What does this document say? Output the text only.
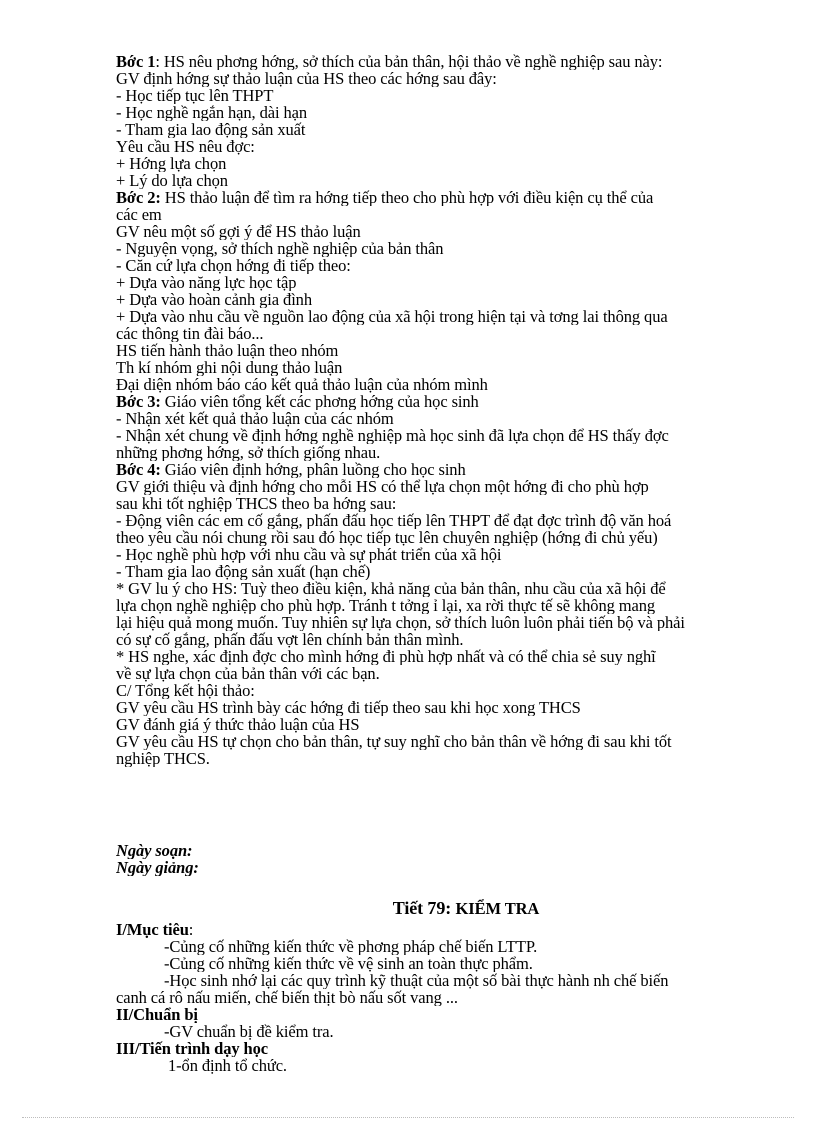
Bớc 1: HS nêu phơng hớng, sở thích của bản thân, hội thảo về nghề nghiệp sau này:
GV định hớng sự thảo luận của HS theo các hớng sau đây:
- Học tiếp tục lên THPT
- Học nghề ngắn hạn, dài hạn
- Tham gia lao động sản xuất
Yêu cầu HS nêu đợc:
+ Hớng lựa chọn
+ Lý do lựa chọn
Bớc 2: HS thảo luận để tìm ra hớng tiếp theo cho phù hợp với điều kiện cụ thể của
các em
GV nêu một số gợi ý để HS thảo luận
- Nguyện vọng, sở thích nghề nghiệp của bản thân
- Căn cứ lựa chọn hớng đi tiếp theo:
+ Dựa vào năng lực học tập
+ Dựa vào hoàn cảnh gia đình
+ Dựa vào nhu cầu về nguồn lao động của xã hội trong hiện tại và tơng lai thông qua
các thông tin đài báo...
HS tiến hành thảo luận theo nhóm
Th kí nhóm ghi nội dung thảo luận
Đại diện nhóm báo cáo kết quả thảo luận của nhóm mình
Bớc 3: Giáo viên tổng kết các phơng hớng của học sinh
- Nhận xét kết quả thảo luận của các nhóm
- Nhận xét chung về định hớng nghề nghiệp mà học sinh đã lựa chọn để HS thấy đợc
những phơng hớng, sở thích giống nhau.
Bớc 4: Giáo viên định hớng, phân luồng cho học sinh
GV giới thiệu và định hớng cho mỗi HS có thể lựa chọn một hớng đi cho phù hợp
sau khi tốt nghiệp THCS theo ba hớng sau:
- Động viên các em cố gắng, phấn đấu học tiếp lên THPT để đạt đợc trình độ văn hoá
theo yêu cầu nói chung rồi sau đó học tiếp tục lên chuyên nghiệp (hớng đi chủ yếu)
- Học nghề phù hợp với nhu cầu và sự phát triển của xã hội
- Tham gia lao động sản xuất (hạn chế)
* GV lu ý cho HS: Tuỳ theo điều kiện, khả năng của bản thân, nhu cầu của xã hội để
lựa chọn nghề nghiệp cho phù hợp. Tránh t tởng ỉ lại, xa rời thực tế sẽ không mang
lại hiệu quả mong muốn. Tuy nhiên sự lựa chọn, sở thích luôn luôn phải tiến bộ và phải
có sự cố gắng, phấn đấu vợt lên chính bản thân mình.
* HS nghe, xác định đợc cho mình hớng đi phù hợp nhất và có thể chia sẻ suy nghĩ
về sự lựa chọn của bản thân với các bạn.
C/ Tổng kết hội thảo:
GV yêu cầu HS trình bày các hớng đi tiếp theo sau khi học xong THCS
GV đánh giá ý thức thảo luận của HS
GV yêu cầu HS tự chọn cho bản thân, tự suy nghĩ cho bản thân về hớng đi sau khi tốt
nghiệp THCS.
Ngày soạn:
Ngày giảng:
Tiết 79: KIỂM TRA
I/Mục tiêu:
-Củng cố những kiến thức về phơng pháp chế biến LTTP.
-Củng cố những kiến thức về vệ sinh an toàn thực phẩm.
-Học sinh nhớ lại các quy trình kỹ thuật của một số bài thực hành nh chế biến
canh cá rô nấu miến, chế biến thịt bò nấu sốt vang ...
II/Chuẩn bị
-GV chuẩn bị đề kiểm tra.
III/Tiến trình dạy học
1-ổn định tổ chức.
